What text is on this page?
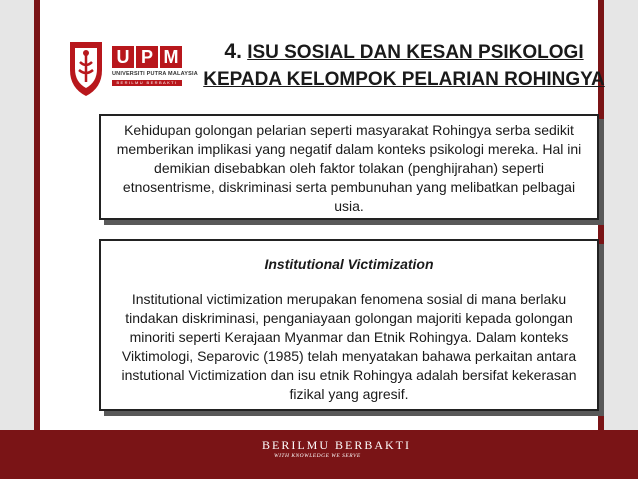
U P M
UNIVERSITI PUTRA MALAYSIA
BERILMU BERBAKTI
4. ISU SOSIAL DAN KESAN PSIKOLOGI
KEPADA KELOMPOK PELARIAN ROHINGYA

Kehidupan golongan pelarian seperti masyarakat Rohingya serba sedikit memberikan implikasi yang negatif dalam konteks psikologi mereka. Hal ini demikian disebabkan oleh faktor tolakan (penghijrahan) seperti etnosentrisme, diskriminasi serta pembunuhan yang melibatkan pelbagai usia.

Institutional Victimization

Institutional victimization merupakan fenomena sosial di mana berlaku tindakan diskriminasi, penganiayaan golongan majoriti kepada golongan minoriti seperti Kerajaan Myanmar dan Etnik Rohingya. Dalam konteks Viktimologi, Separovic (1985) telah menyatakan bahawa perkaitan antara instutional Victimization dan isu etnik Rohingya adalah bersifat kekerasan fizikal yang agresif.

BERILMU BERBAKTI
WITH KNOWLEDGE WE SERVE
